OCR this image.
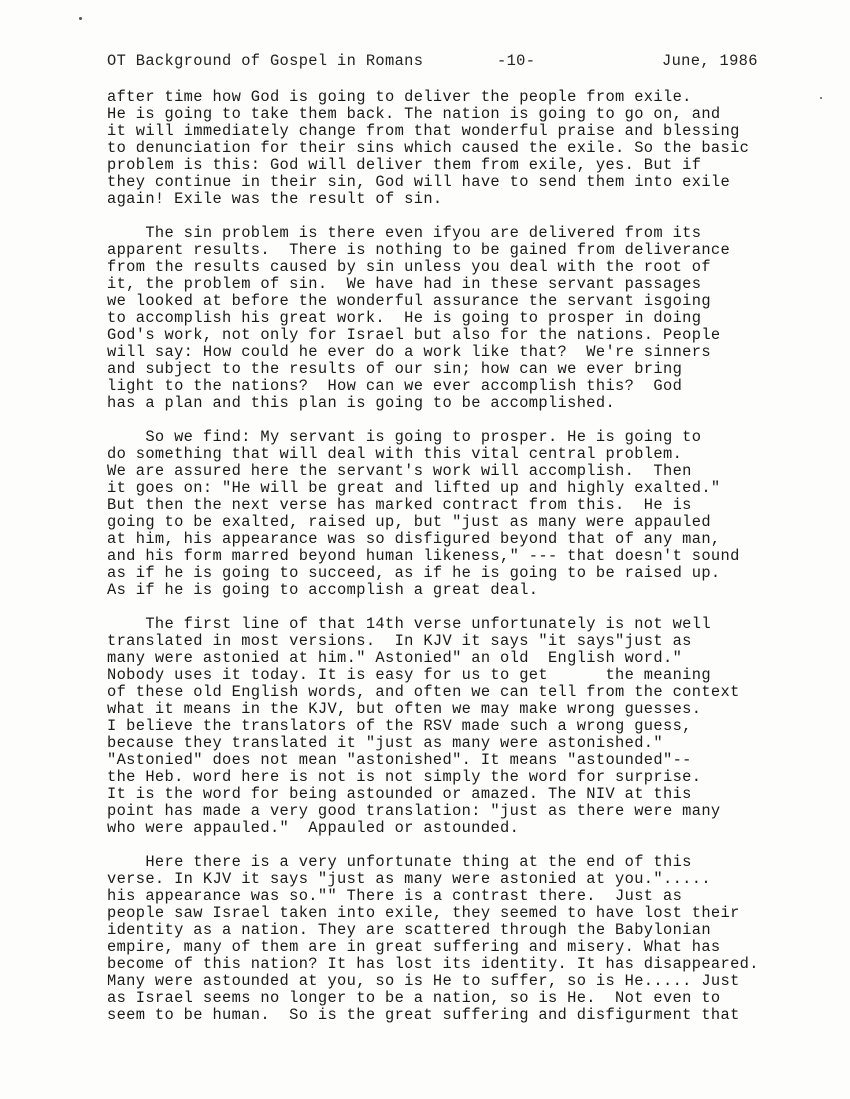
OT Background of Gospel in Romans	-10-	June, 1986
after time how God is going to deliver the people from exile.
He is going to take them back. The nation is going to go on, and
it will immediately change from that wonderful praise and blessing
to denunciation for their sins which caused the exile. So the basic
problem is this: God will deliver them from exile, yes. But if
they continue in their sin, God will have to send them into exile
again! Exile was the result of sin.
The sin problem is there even ifyou are delivered from its
apparent results.  There is nothing to be gained from deliverance
from the results caused by sin unless you deal with the root of
it, the problem of sin.  We have had in these servant passages
we looked at before the wonderful assurance the servant isgoing
to accomplish his great work.  He is going to prosper in doing
God's work, not only for Israel but also for the nations. People
will say: How could he ever do a work like that?  We're sinners
and subject to the results of our sin; how can we ever bring
light to the nations?  How can we ever accomplish this?  God
has a plan and this plan is going to be accomplished.
So we find: My servant is going to prosper. He is going to
do something that will deal with this vital central problem.
We are assured here the servant's work will accomplish.  Then
it goes on: "He will be great and lifted up and highly exalted."
But then the next verse has marked contract from this.  He is
going to be exalted, raised up, but "just as many were appauled
at him, his appearance was so disfigured beyond that of any man,
and his form marred beyond human likeness," --- that doesn't sound
as if he is going to succeed, as if he is going to be raised up.
As if he is going to accomplish a great deal.
The first line of that 14th verse unfortunately is not well
translated in most versions.  In KJV it says "it says"just as
many were astonied at him." Astonied" an old  English word."
Nobody uses it today. It is easy for us to get      the meaning
of these old English words, and often we can tell from the context
what it means in the KJV, but often we may make wrong guesses.
I believe the translators of the RSV made such a wrong guess,
because they translated it "just as many were astonished."
"Astonied" does not mean "astonished". It means "astounded"--
the Heb. word here is not is not simply the word for surprise.
It is the word for being astounded or amazed. The NIV at this
point has made a very good translation: "just as there were many
who were appauled."  Appauled or astounded.
Here there is a very unfortunate thing at the end of this
verse. In KJV it says "just as many were astonied at you.".....
his appearance was so."" There is a contrast there.  Just as
people saw Israel taken into exile, they seemed to have lost their
identity as a nation. They are scattered through the Babylonian
empire, many of them are in great suffering and misery. What has
become of this nation? It has lost its identity. It has disappeared.
Many were astounded at you, so is He to suffer, so is He..... Just
as Israel seems no longer to be a nation, so is He.  Not even to
seem to be human.  So is the great suffering and disfigurment that
